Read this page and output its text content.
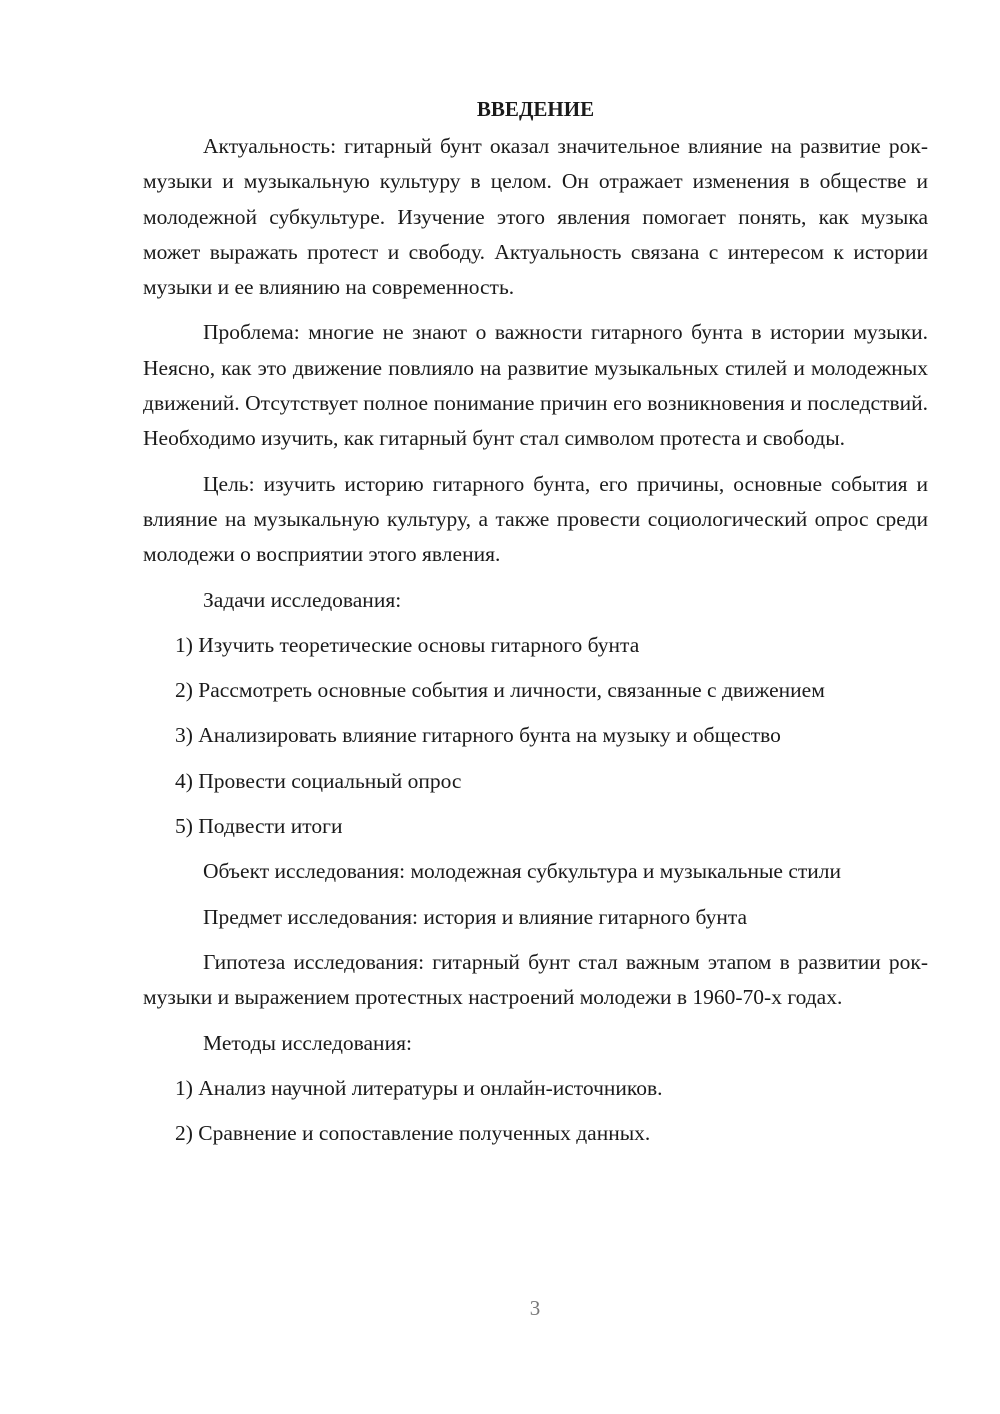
ВВЕДЕНИЕ

Актуальность: гитарный бунт оказал значительное влияние на развитие рок-музыки и музыкальную культуру в целом. Он отражает изменения в обществе и молодежной субкультуре. Изучение этого явления помогает понять, как музыка может выражать протест и свободу. Актуальность связана с интересом к истории музыки и ее влиянию на современность.

Проблема: многие не знают о важности гитарного бунта в истории музыки. Неясно, как это движение повлияло на развитие музыкальных стилей и молодежных движений. Отсутствует полное понимание причин его возникновения и последствий. Необходимо изучить, как гитарный бунт стал символом протеста и свободы.

Цель: изучить историю гитарного бунта, его причины, основные события и влияние на музыкальную культуру, а также провести социологический опрос среди молодежи о восприятии этого явления.

Задачи исследования:

1) Изучить теоретические основы гитарного бунта
2) Рассмотреть основные события и личности, связанные с движением
3) Анализировать влияние гитарного бунта на музыку и общество
4) Провести социальный опрос
5) Подвести итоги

Объект исследования: молодежная субкультура и музыкальные стили

Предмет исследования: история и влияние гитарного бунта

Гипотеза исследования: гитарный бунт стал важным этапом в развитии рок-музыки и выражением протестных настроений молодежи в 1960-70-х годах.

Методы исследования:

1) Анализ научной литературы и онлайн-источников.
2) Сравнение и сопоставление полученных данных.
3
